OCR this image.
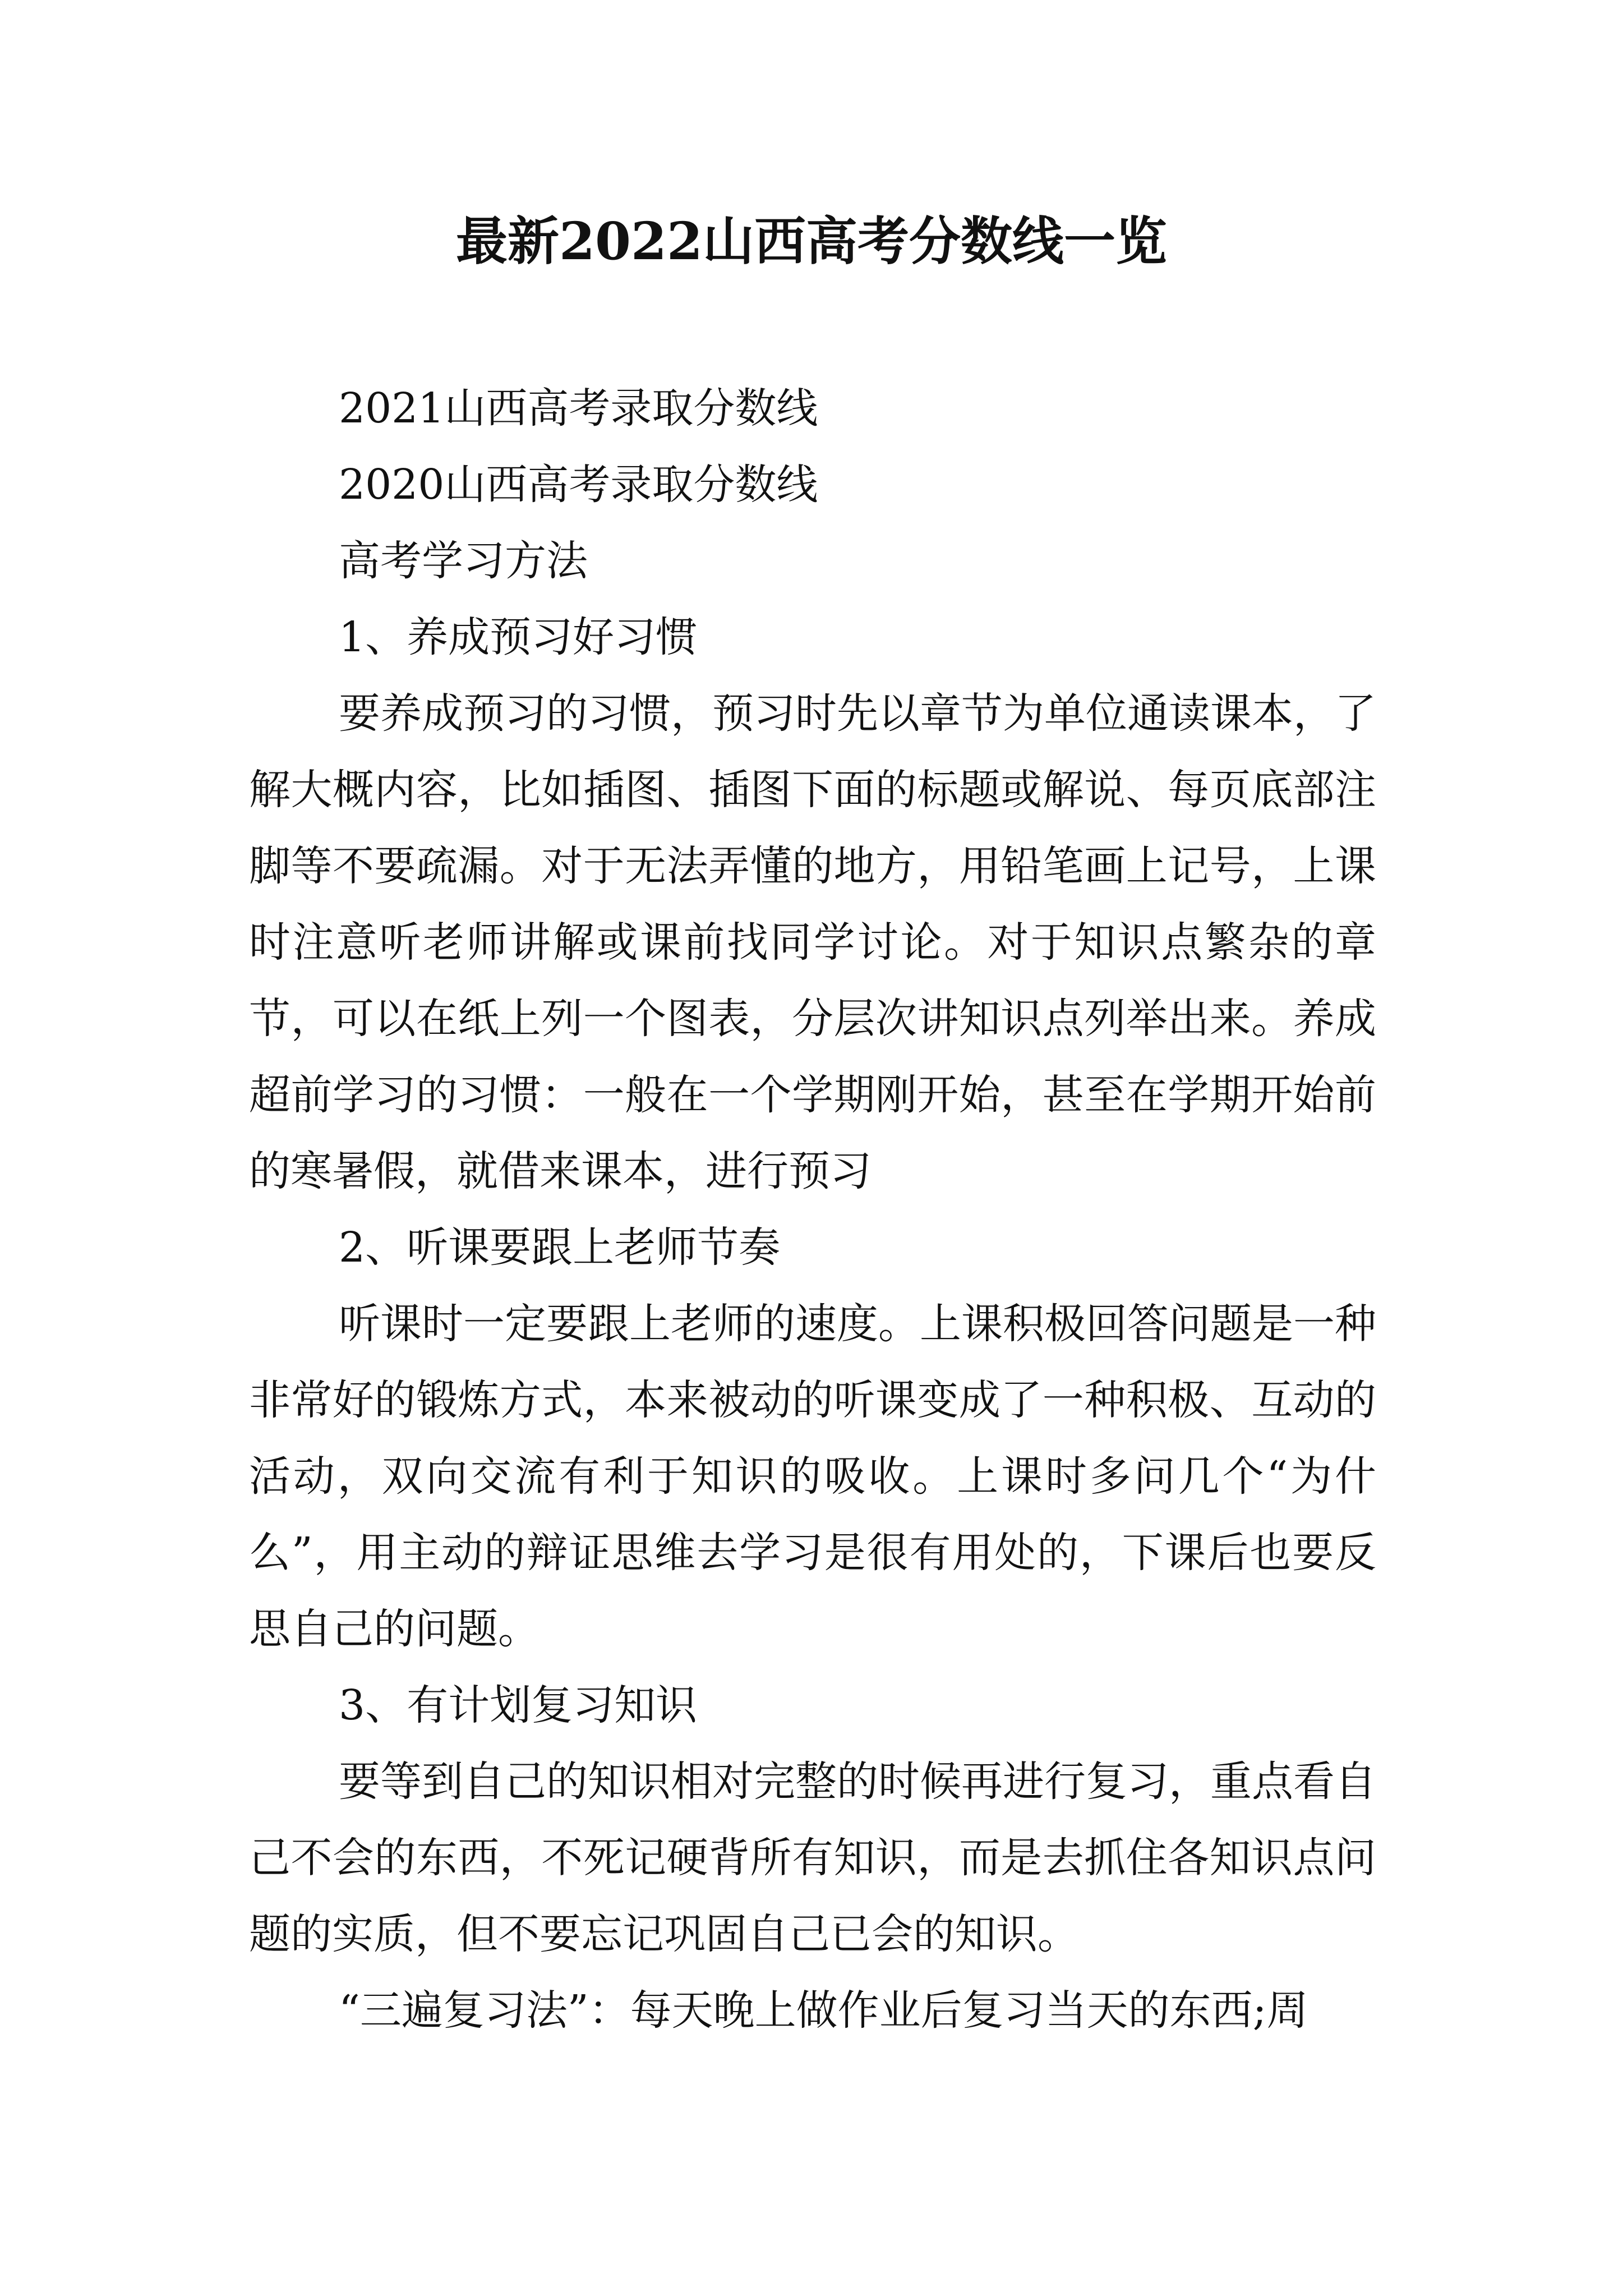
最新2022山西高考分数线一览

2021山西高考录取分数线

2020山西高考录取分数线

高考学习方法

1、养成预习好习惯

要养成预习的习惯，预习时先以章节为单位通读课本，了解大概内容，比如插图、插图下面的标题或解说、每页底部注脚等不要疏漏。对于无法弄懂的地方，用铅笔画上记号，上课时注意听老师讲解或课前找同学讨论。对于知识点繁杂的章节，可以在纸上列一个图表，分层次讲知识点列举出来。养成超前学习的习惯：一般在一个学期刚开始，甚至在学期开始前的寒暑假，就借来课本，进行预习

2、听课要跟上老师节奏

听课时一定要跟上老师的速度。上课积极回答问题是一种非常好的锻炼方式，本来被动的听课变成了一种积极、互动的活动，双向交流有利于知识的吸收。上课时多问几个“为什么”，用主动的辩证思维去学习是很有用处的，下课后也要反思自己的问题。

3、有计划复习知识

要等到自己的知识相对完整的时候再进行复习，重点看自己不会的东西，不死记硬背所有知识，而是去抓住各知识点问题的实质，但不要忘记巩固自己已会的知识。

“三遍复习法”：每天晚上做作业后复习当天的东西;周
